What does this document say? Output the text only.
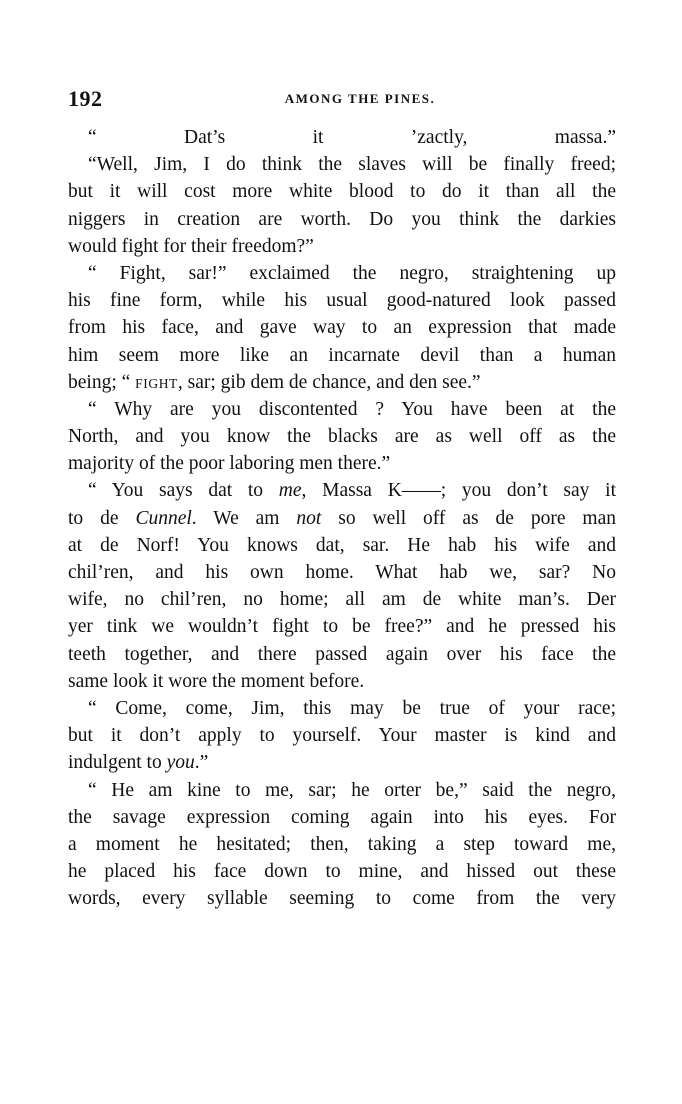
192	AMONG THE PINES.
“ Dat’s it ’zactly, massa.”
“Well, Jim, I do think the slaves will be finally freed;
but it will cost more white blood to do it than all the
niggers in creation are worth. Do you think the darkies
would fight for their freedom?”
“ Fight, sar!” exclaimed the negro, straightening up
his fine form, while his usual good-natured look passed
from his face, and gave way to an expression that made
him seem more like an incarnate devil than a human
being; “ FIGHT, sar; gib dem de chance, and den see.”
“ Why are you discontented ? You have been at the
North, and you know the blacks are as well off as the
majority of the poor laboring men there.”
“ You says dat to me, Massa K——; you don’t say it
to de Cunnel. We am not so well off as de pore man
at de Norf! You knows dat, sar. He hab his wife and
chil’ren, and his own home. What hab we, sar? No
wife, no chil’ren, no home; all am de white man’s. Der
yer tink we wouldn’t fight to be free?” and he pressed his
teeth together, and there passed again over his face the
same look it wore the moment before.
“ Come, come, Jim, this may be true of your race;
but it don’t apply to yourself. Your master is kind and
indulgent to you.”
“ He am kine to me, sar; he orter be,” said the negro,
the savage expression coming again into his eyes. For
a moment he hesitated; then, taking a step toward me,
he placed his face down to mine, and hissed out these
words, every syllable seeming to come from the very
